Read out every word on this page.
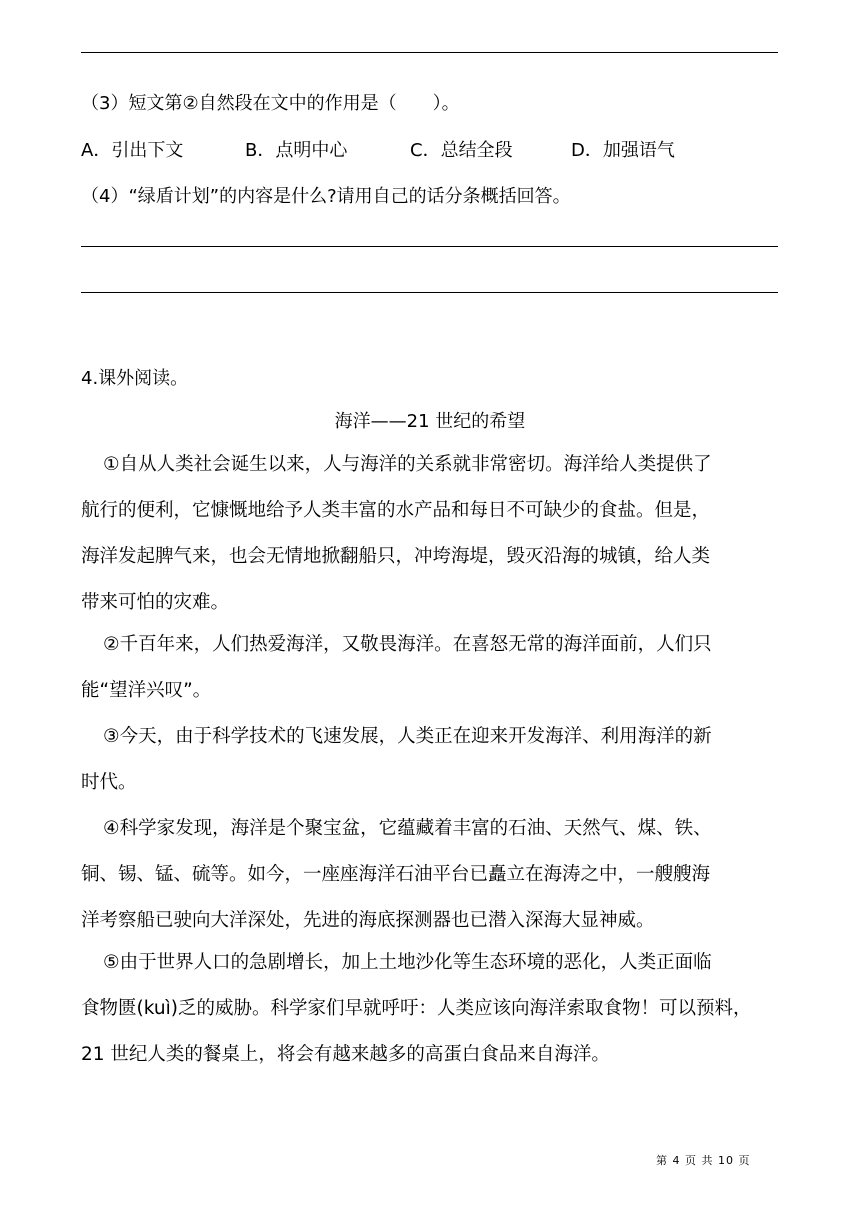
（3）短文第②自然段在文中的作用是（　　）。
A．引出下文	B．点明中心	C．总结全段	D．加强语气
（4）“绿盾计划”的内容是什么?请用自己的话分条概括回答。
4.课外阅读。
海洋——21 世纪的希望
①自从人类社会诞生以来，人与海洋的关系就非常密切。海洋给人类提供了
航行的便利，它慷慨地给予人类丰富的水产品和每日不可缺少的食盐。但是，
海洋发起脾气来，也会无情地掀翻船只，冲垮海堤，毁灭沿海的城镇，给人类
带来可怕的灾难。
②千百年来，人们热爱海洋，又敬畏海洋。在喜怒无常的海洋面前，人们只
能“望洋兴叹”。
③今天，由于科学技术的飞速发展，人类正在迎来开发海洋、利用海洋的新
时代。
④科学家发现，海洋是个聚宝盆，它蕴藏着丰富的石油、天然气、煤、铁、
铜、锡、锰、硫等。如今，一座座海洋石油平台已矗立在海涛之中，一艘艘海
洋考察船已驶向大洋深处，先进的海底探测器也已潜入深海大显神威。
⑤由于世界人口的急剧增长，加上土地沙化等生态环境的恶化，人类正面临
食物匮(kuì)乏的威胁。科学家们早就呼吁：人类应该向海洋索取食物！可以预料，
21 世纪人类的餐桌上，将会有越来越多的高蛋白食品来自海洋。
第 4 页 共 10 页
